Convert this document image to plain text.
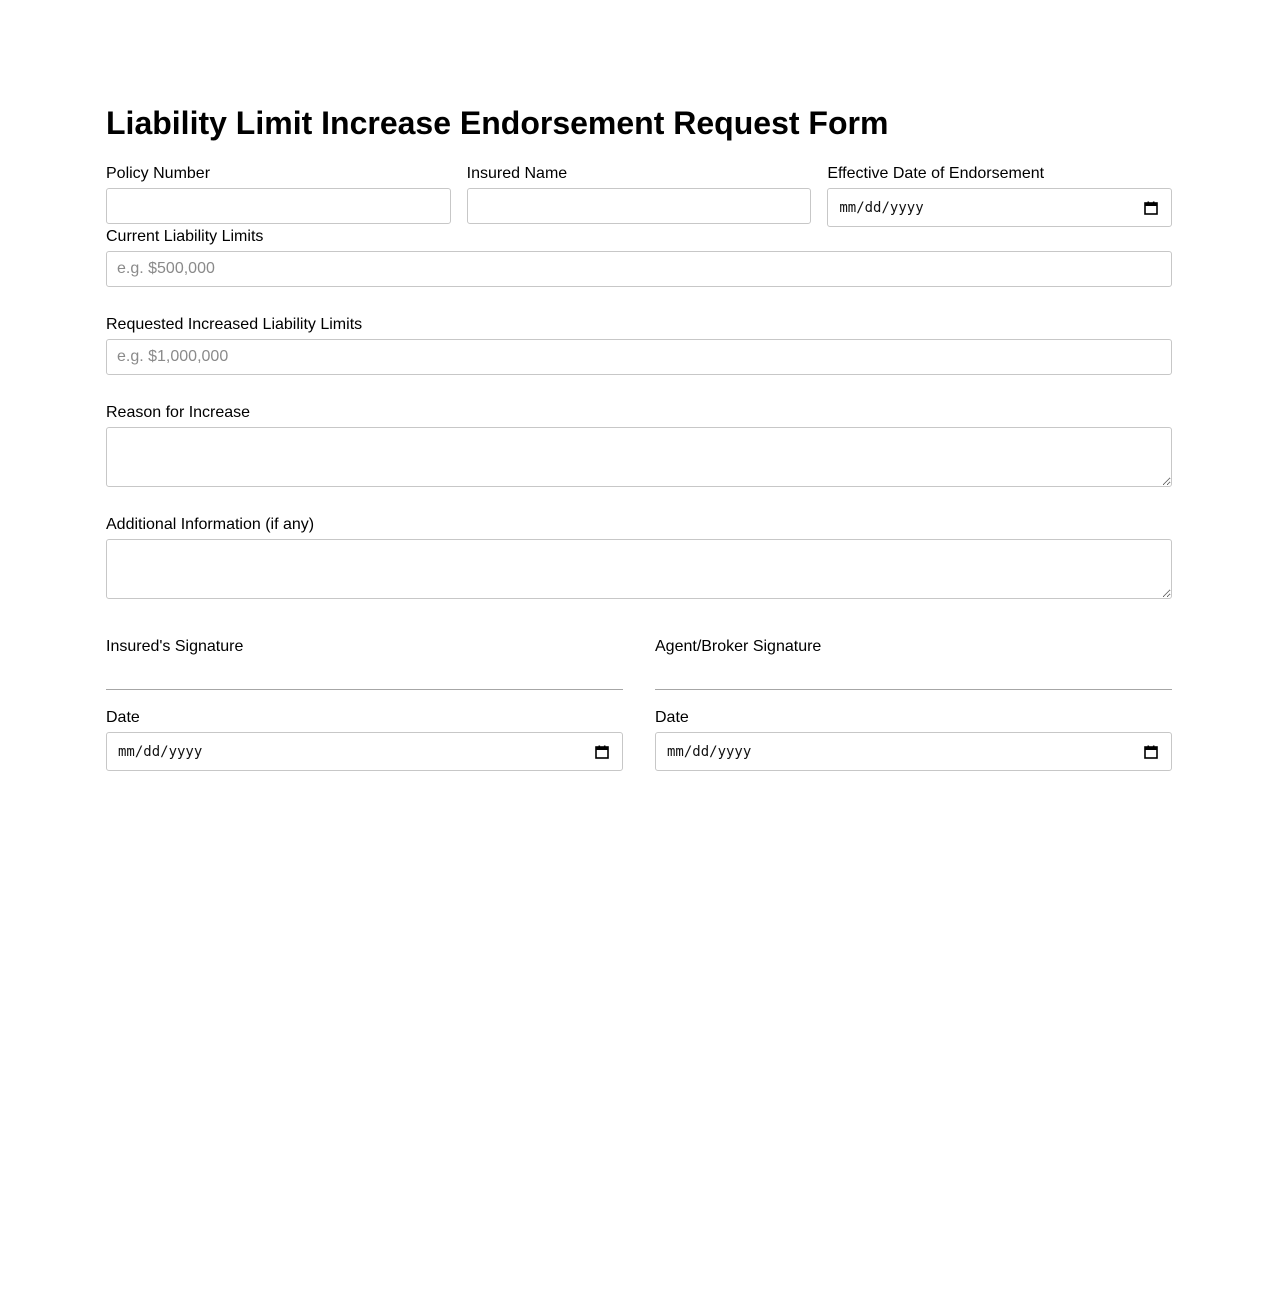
Liability Limit Increase Endorsement Request Form
Policy Number	Insured Name	Effective Date of Endorsement
mm/dd/yyyy
Current Liability Limits
e.g. $500,000
Requested Increased Liability Limits
e.g. $1,000,000
Reason for Increase
Additional Information (if any)
Insured's Signature
Date
mm/dd/yyyy
Agent/Broker Signature
Date
mm/dd/yyyy
